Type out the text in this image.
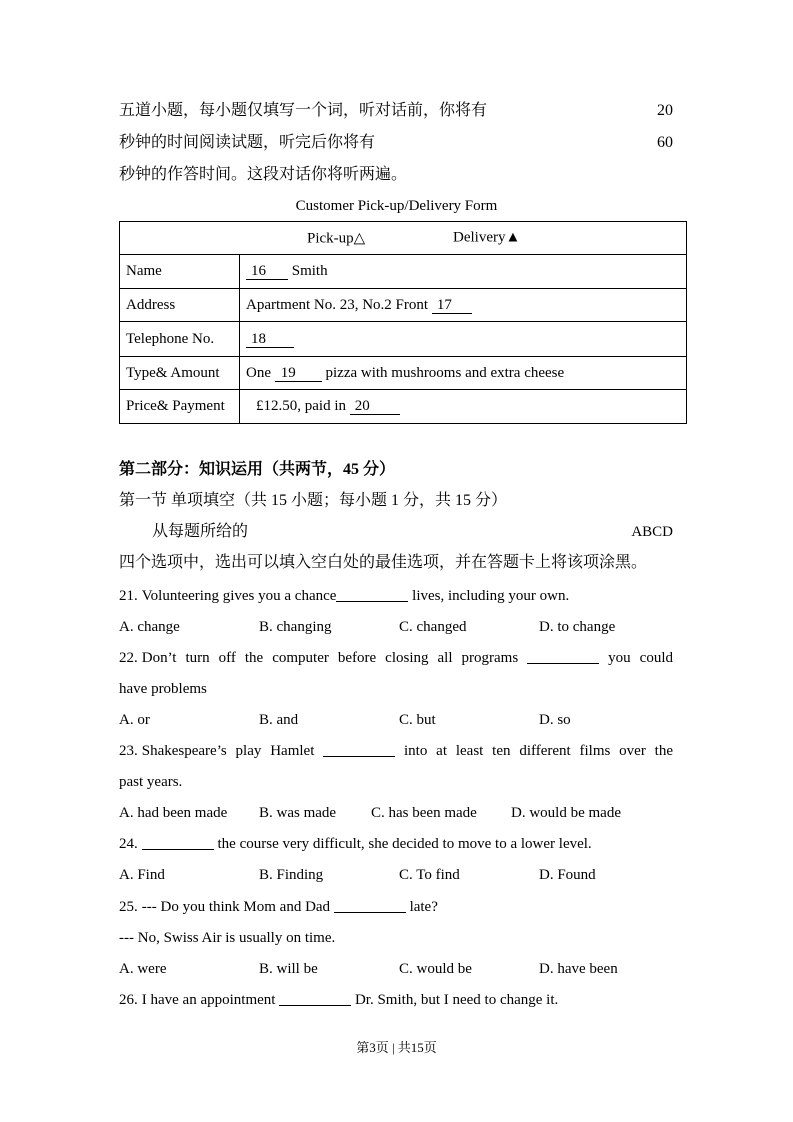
五道小题，每小题仅填写一个词，听对话前，你将有	20
秒钟的时间阅读试题，听完后你将有	60
秒钟的作答时间。这段对话你将听两遍。
Customer Pick-up/Delivery Form
Pick-up△ Delivery▲	

Name	16 Smith
Address	Apartment No. 23, No.2 Front 17
Telephone No.	18
Type& Amount	One 19 pizza with mushrooms and extra cheese
Price& Payment	£12.50, paid in 20
第二部分：知识运用（共两节，45 分）
第一节 单项填空（共 15 小题；每小题 1 分，共 15 分）
从每题所给的	ABCD
四个选项中，选出可以填入空白处的最佳选项，并在答题卡上将该项涂黑。
21. Volunteering gives you a chance	lives, including your own.
A. change	B. changing	C. changed	D. to change
22. Don’t turn off the computer before closing all programs	you could
have problems
A. or	B. and	C. but	D. so
23. Shakespeare’s play Hamlet	into at least ten different films over the
past years.
A. had been made B. was made C. has been made D. would be made
24.	the course very difficult, she decided to move to a lower level.
A. Find	B. Finding	C. To find	D. Found
25. --- Do you think Mom and Dad	late?
--- No, Swiss Air is usually on time.
A. were	B. will be	C. would be	D. have been
26. I have an appointment	Dr. Smith, but I need to change it.
第3页 | 共15页
